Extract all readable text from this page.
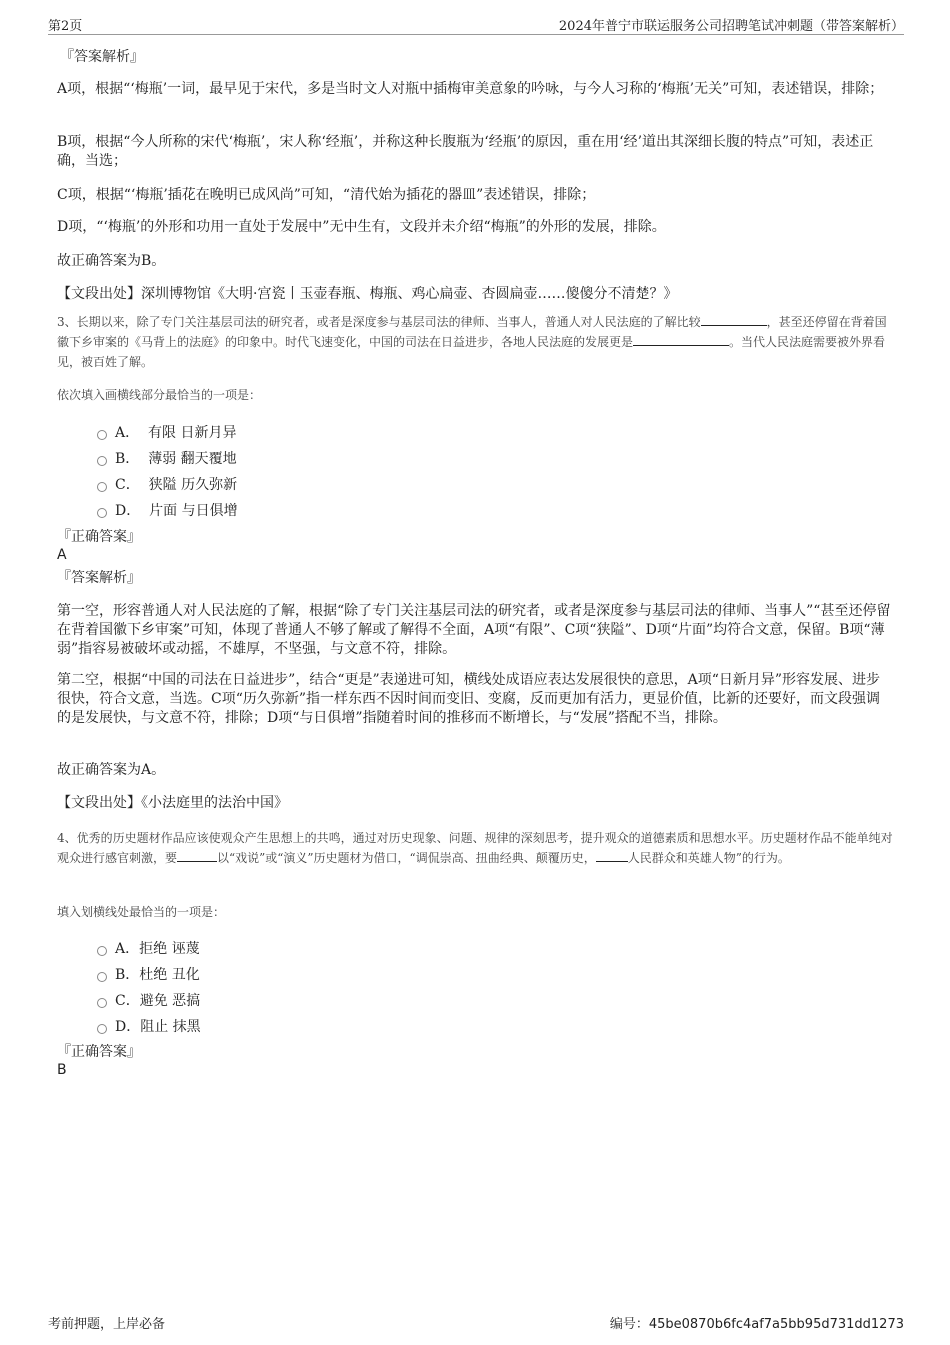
第2页	2024年普宁市联运服务公司招聘笔试冲刺题（带答案解析）
『答案解析』

A项，根据“‘梅瓶’一词，最早见于宋代，多是当时文人对瓶中插梅审美意象的吟咏，与今人习称的‘梅瓶’无关”可知，表述错误，排除；

B项，根据“今人所称的宋代‘梅瓶’，宋人称‘经瓶’，并称这种长腹瓶为‘经瓶’的原因，重在用‘经’道出其深细长腹的特点”可知，表述正确，当选；

C项，根据“‘梅瓶’插花在晚明已成风尚”可知，“清代始为插花的器皿”表述错误，排除；

D项，“‘梅瓶’的外形和功用一直处于发展中”无中生有，文段并未介绍“梅瓶”的外形的发展，排除。

故正确答案为B。

【文段出处】深圳博物馆《大明·宫瓷丨玉壶春瓶、梅瓶、鸡心扁壶、杏圆扁壶……傻傻分不清楚？》

3、长期以来，除了专门关注基层司法的研究者，或者是深度参与基层司法的律师、当事人，普通人对人民法庭的了解比较	，甚至还停留在背着国徽下乡审案的《马背上的法庭》的印象中。时代飞速变化，中国的司法在日益进步，各地人民法庭的发展更是	。当代人民法庭需要被外界看见，被百姓了解。

依次填入画横线部分最恰当的一项是：

A． 有限 日新月异
B． 薄弱 翻天覆地
C． 狭隘 历久弥新
D． 片面 与日俱增
『正确答案』
A
『答案解析』

第一空，形容普通人对人民法庭的了解，根据“除了专门关注基层司法的研究者，或者是深度参与基层司法的律师、当事人”“甚至还停留在背着国徽下乡审案”可知，体现了普通人不够了解或了解得不全面，A项“有限”、C项“狭隘”、D项“片面”均符合文意，保留。B项“薄弱”指容易被破坏或动摇，不雄厚，不坚强，与文意不符，排除。

第二空，根据“中国的司法在日益进步”，结合“更是”表递进可知，横线处成语应表达发展很快的意思，A项“日新月异”形容发展、进步很快，符合文意，当选。C项“历久弥新”指一样东西不因时间而变旧、变腐，反而更加有活力，更显价值，比新的还要好，而文段强调的是发展快，与文意不符，排除；D项“与日俱增”指随着时间的推移而不断增长，与“发展”搭配不当，排除。

故正确答案为A。

【文段出处】《小法庭里的法治中国》

4、优秀的历史题材作品应该使观众产生思想上的共鸣，通过对历史现象、问题、规律的深刻思考，提升观众的道德素质和思想水平。历史题材作品不能单纯对观众进行感官刺激，要	以“戏说”或“演义”历史题材为借口，“调侃崇高、扭曲经典、颠覆历史，	人民群众和英雄人物”的行为。

填入划横线处最恰当的一项是：

A．拒绝 诬蔑
B．杜绝 丑化
C．避免 恶搞
D．阻止 抹黑
『正确答案』
B
考前押题，上岸必备	编号：45be0870b6fc4af7a5bb95d731dd1273
